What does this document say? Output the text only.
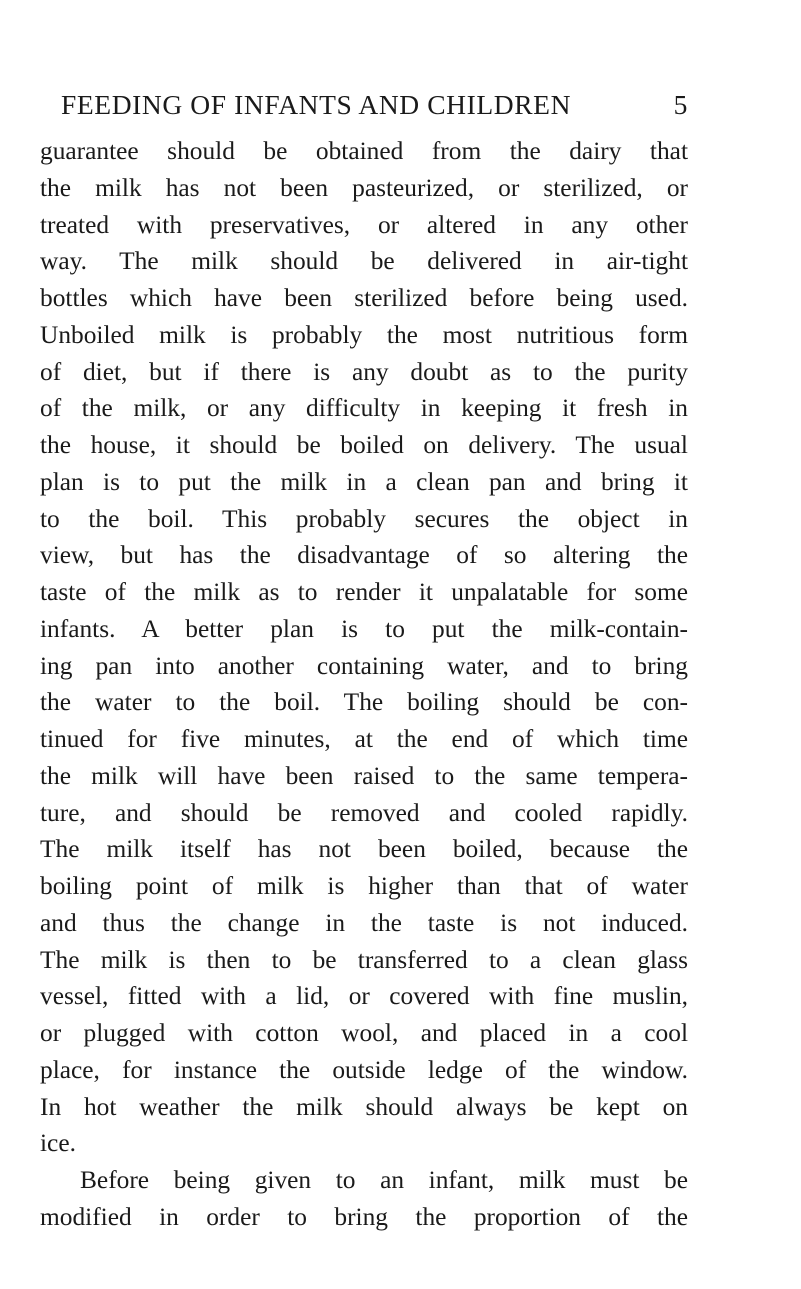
FEEDING OF INFANTS AND CHILDREN	5
guarantee should be obtained from the dairy that
the milk has not been pasteurized, or sterilized, or
treated with preservatives, or altered in any other
way. The milk should be delivered in air-tight
bottles which have been sterilized before being used.
Unboiled milk is probably the most nutritious form
of diet, but if there is any doubt as to the purity
of the milk, or any difficulty in keeping it fresh in
the house, it should be boiled on delivery. The usual
plan is to put the milk in a clean pan and bring it
to the boil. This probably secures the object in
view, but has the disadvantage of so altering the
taste of the milk as to render it unpalatable for some
infants. A better plan is to put the milk-contain-
ing pan into another containing water, and to bring
the water to the boil. The boiling should be con-
tinued for five minutes, at the end of which time
the milk will have been raised to the same tempera-
ture, and should be removed and cooled rapidly.
The milk itself has not been boiled, because the
boiling point of milk is higher than that of water
and thus the change in the taste is not induced.
The milk is then to be transferred to a clean glass
vessel, fitted with a lid, or covered with fine muslin,
or plugged with cotton wool, and placed in a cool
place, for instance the outside ledge of the window.
In hot weather the milk should always be kept on
ice.
Before being given to an infant, milk must be
modified in order to bring the proportion of the
